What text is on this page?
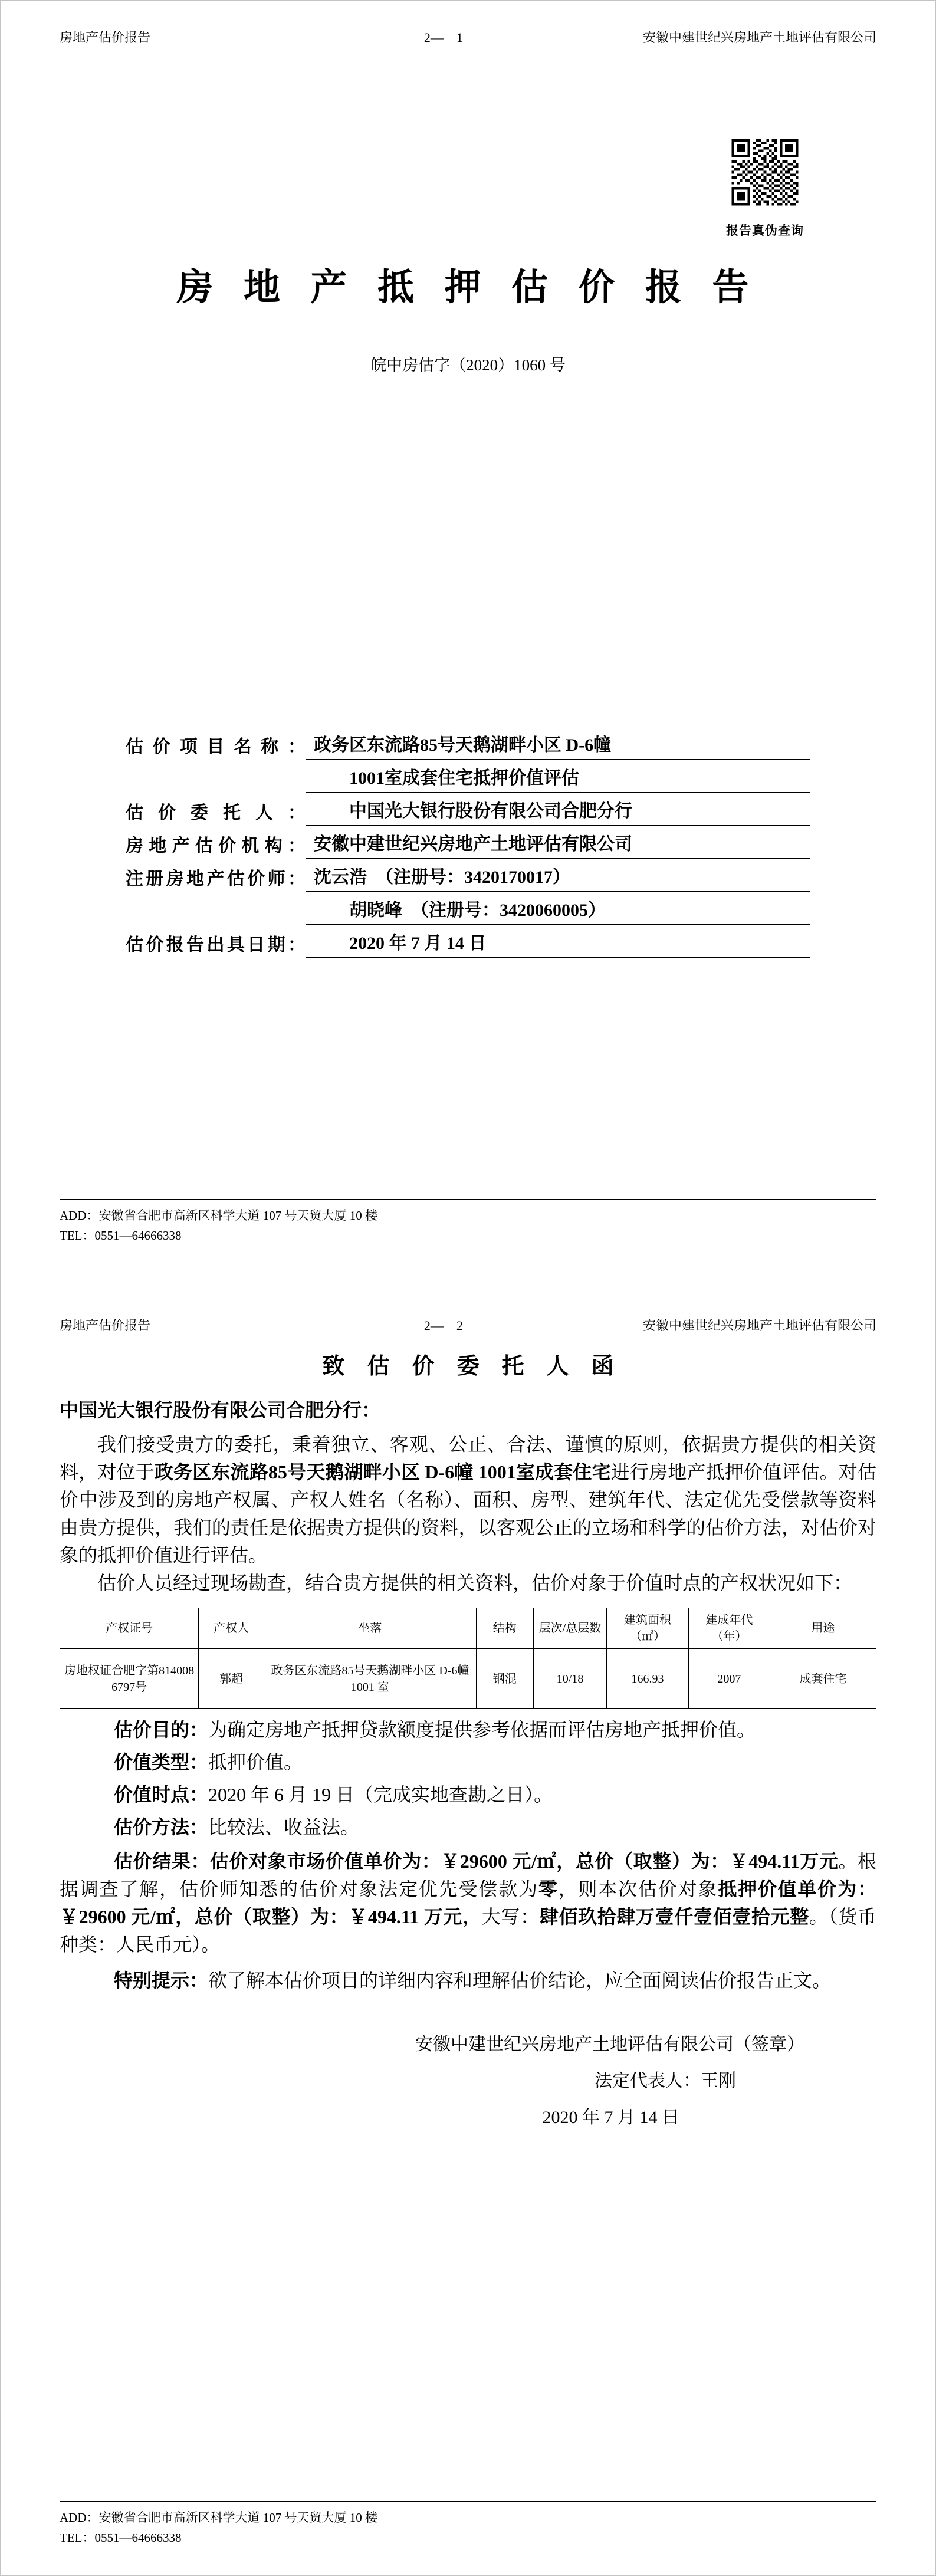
房地产估价报告	2—　1	安徽中建世纪兴房地产土地评估有限公司
报告真伪查询
房 地 产 抵 押 估 价 报 告
皖中房估字（2020）1060 号
估价项目名称： 政务区东流路85号天鹅湖畔小区 D-6幢
1001室成套住宅抵押价值评估
估价委托人：	中国光大银行股份有限公司合肥分行
房地产估价机构： 安徽中建世纪兴房地产土地评估有限公司
注册房地产估价师： 沈云浩　（注册号：3420170017）
胡晓峰　（注册号：3420060005）
估价报告出具日期：	2020 年 7 月 14 日
ADD：安徽省合肥市高新区科学大道 107 号天贸大厦 10 楼
TEL：0551—64666338
房地产估价报告	2—　2	安徽中建世纪兴房地产土地评估有限公司
致　估　价　委　托　人　函
中国光大银行股份有限公司合肥分行：

我们接受贵方的委托，秉着独立、客观、公正、合法、谨慎的原则，依据贵方提供的相关资料，对位于政务区东流路85号天鹅湖畔小区 D-6幢 1001室成套住宅进行房地产抵押价值评估。对估价中涉及到的房地产权属、产权人姓名（名称）、面积、房型、建筑年代、法定优先受偿款等资料由贵方提供，我们的责任是依据贵方提供的资料，以客观公正的立场和科学的估价方法，对估价对象的抵押价值进行评估。

估价人员经过现场勘查，结合贵方提供的相关资料，估价对象于价值时点的产权状况如下：

产权证号	产权人	坐落	结构	层次/总层数	建筑面积（㎡）	建成年代（年）	用途
房地权证合肥字第8140086797号	郭超	政务区东流路85号天鹅湖畔小区 D-6幢 1001 室	钢混	10/18	166.93	2007	成套住宅
估价目的：为确定房地产抵押贷款额度提供参考依据而评估房地产抵押价值。
价值类型：抵押价值。
价值时点：2020 年 6 月 19 日（完成实地查勘之日）。
估价方法：比较法、收益法。

估价结果：估价对象市场价值单价为：￥29600 元/㎡，总价（取整）为：￥494.11万元。根据调查了解，估价师知悉的估价对象法定优先受偿款为零，则本次估价对象抵押价值单价为：￥29600 元/㎡，总价（取整）为：￥494.11 万元，大写：肆佰玖拾肆万壹仟壹佰壹拾元整。（货币种类：人民币元）。

特别提示：欲了解本估价项目的详细内容和理解估价结论，应全面阅读估价报告正文。

安徽中建世纪兴房地产土地评估有限公司（签章）
法定代表人：王刚
2020 年 7 月 14 日
ADD：安徽省合肥市高新区科学大道 107 号天贸大厦 10 楼
TEL：0551—64666338
